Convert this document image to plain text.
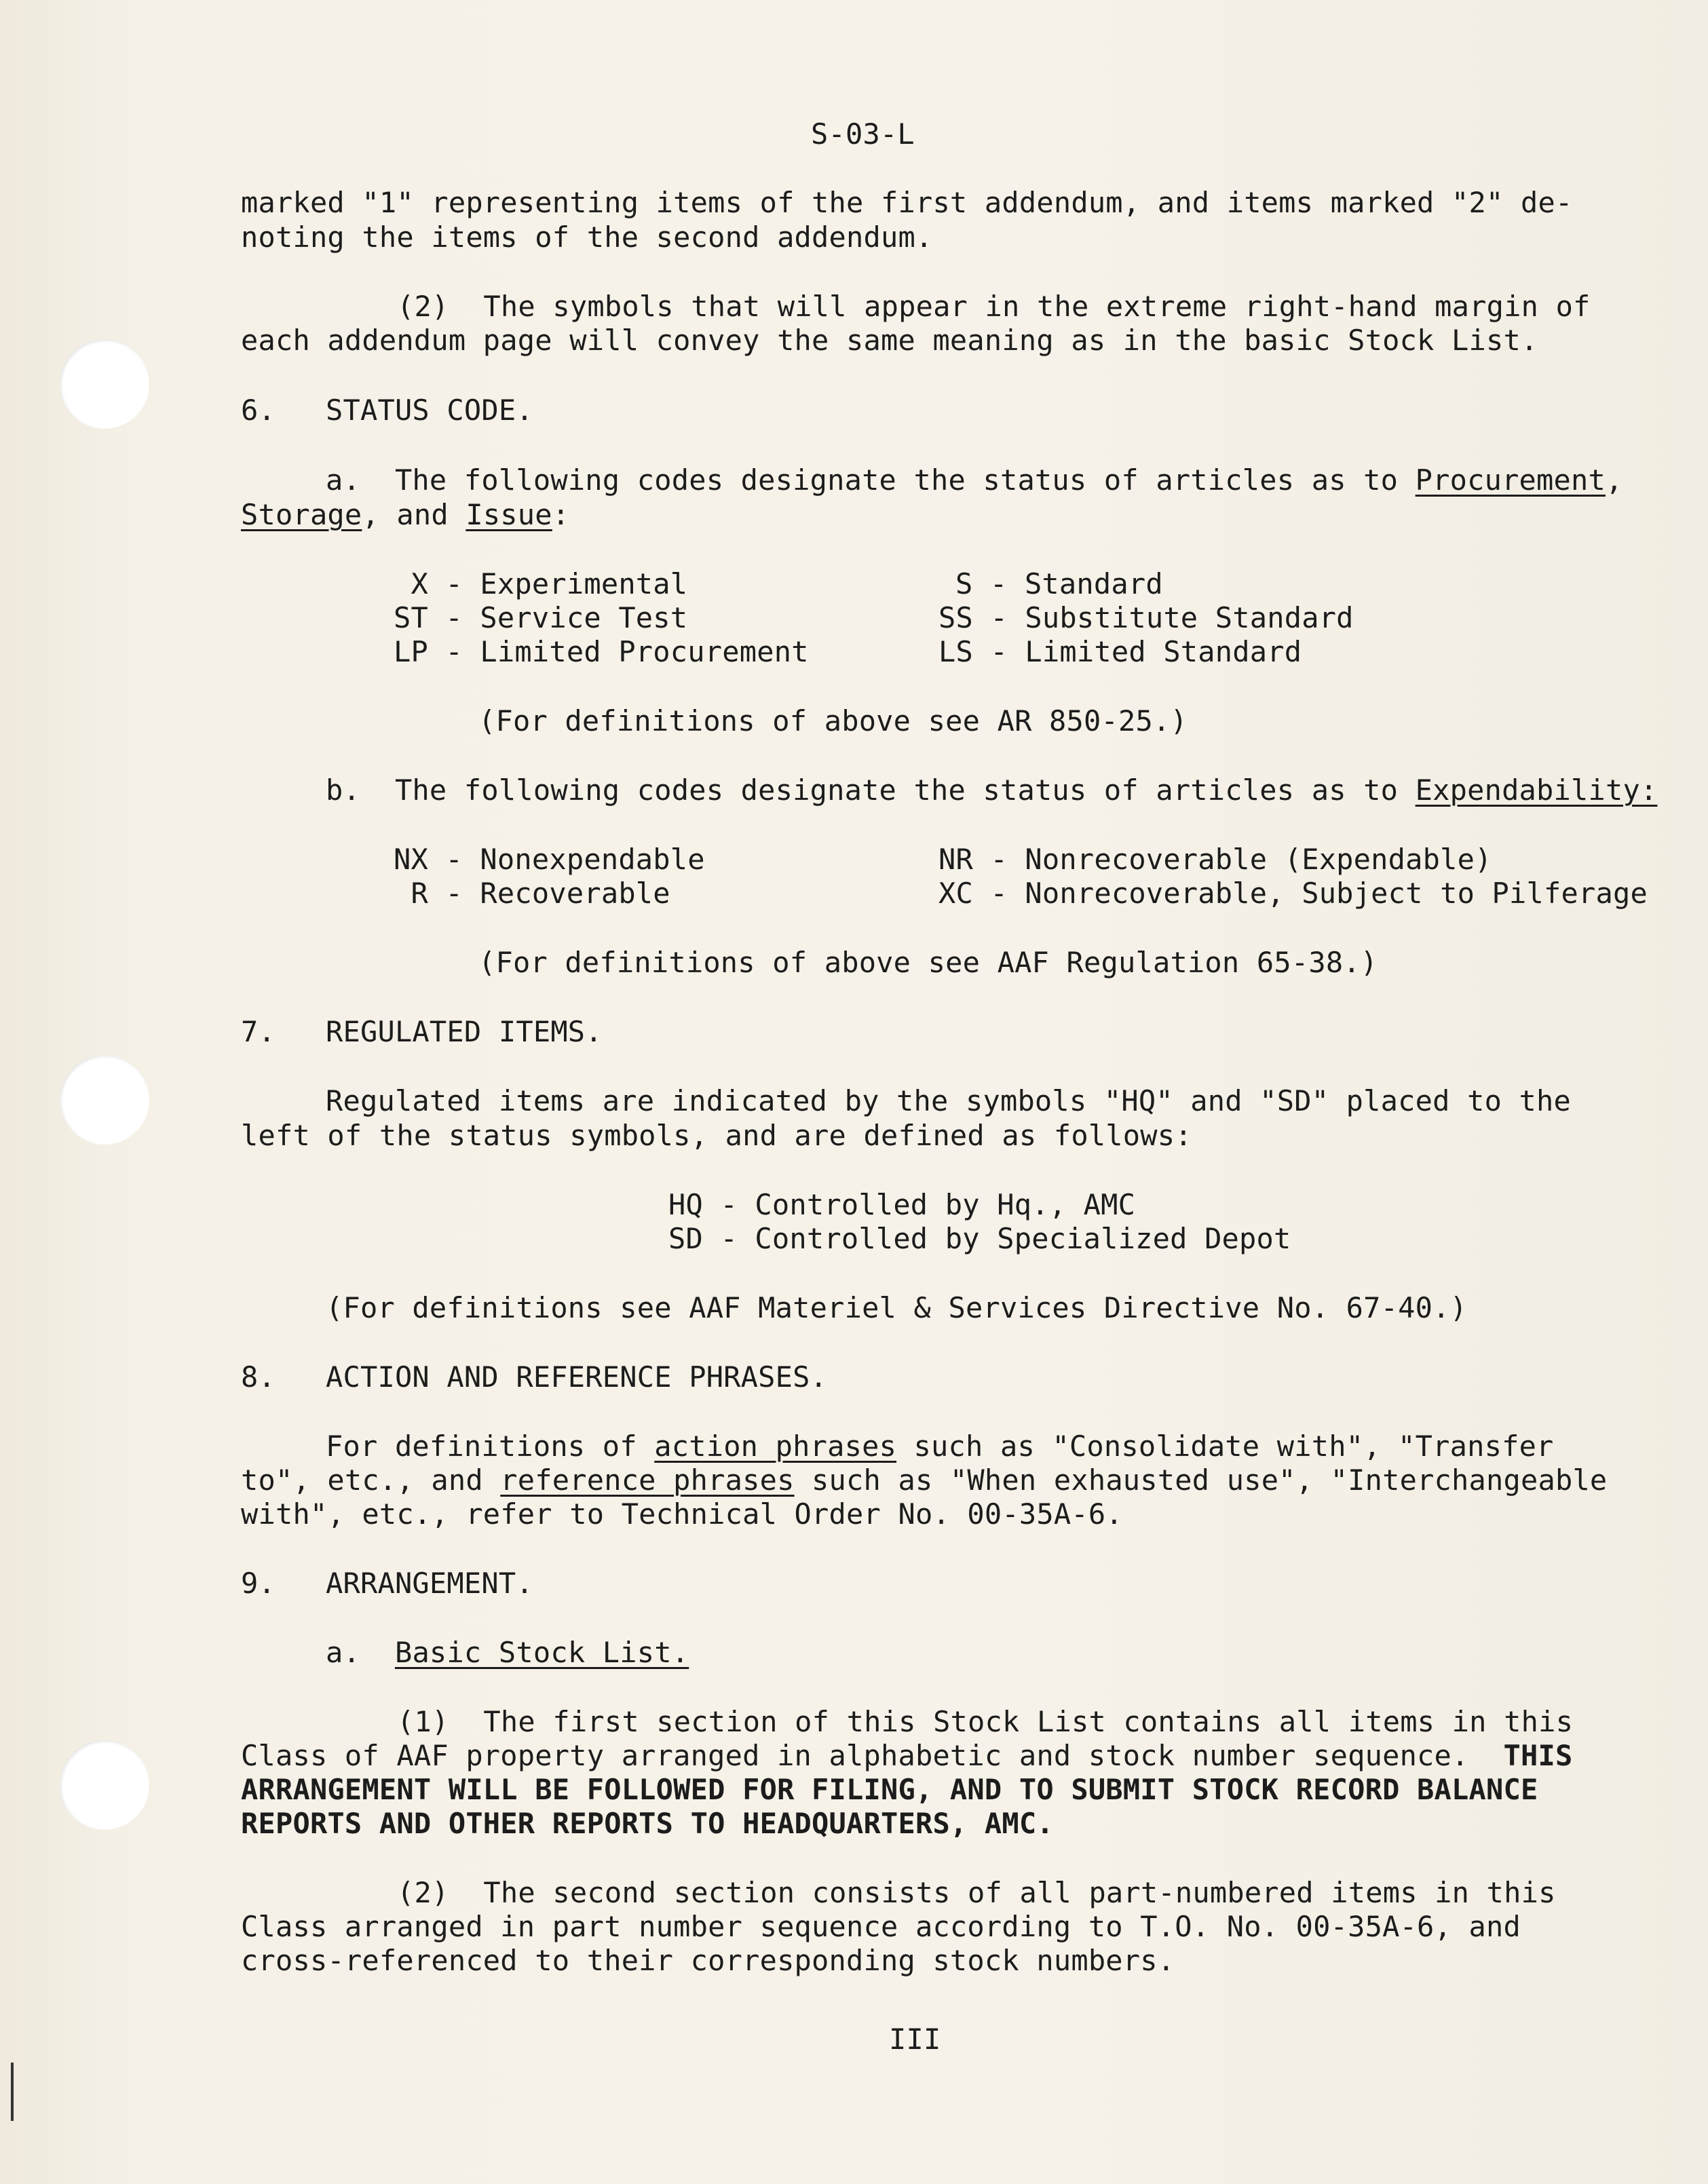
S-03-L
marked "1" representing items of the first addendum, and items marked "2" de-
noting the items of the second addendum.
(2)  The symbols that will appear in the extreme right-hand margin of
each addendum page will convey the same meaning as in the basic Stock List.
6. STATUS CODE.
a.  The following codes designate the status of articles as to Procurement,
Storage, and Issue:
X - Experimental	S - Standard
ST - Service Test	SS - Substitute Standard
LP - Limited Procurement	LS - Limited Standard
(For definitions of above see AR 850-25.)
b.  The following codes designate the status of articles as to Expendability:
NX - Nonexpendable	NR - Nonrecoverable (Expendable)
R - Recoverable	XC - Nonrecoverable, Subject to Pilferage
(For definitions of above see AAF Regulation 65-38.)
7. REGULATED ITEMS.
Regulated items are indicated by the symbols "HQ" and "SD" placed to the
left of the status symbols, and are defined as follows:
HQ - Controlled by Hq., AMC
SD - Controlled by Specialized Depot
(For definitions see AAF Materiel & Services Directive No. 67-40.)
8. ACTION AND REFERENCE PHRASES.
For definitions of action phrases such as "Consolidate with", "Transfer
to", etc., and reference phrases such as "When exhausted use", "Interchangeable
with", etc., refer to Technical Order No. 00-35A-6.
9. ARRANGEMENT.
a.  Basic Stock List.
(1)  The first section of this Stock List contains all items in this
Class of AAF property arranged in alphabetic and stock number sequence.  THIS
ARRANGEMENT WILL BE FOLLOWED FOR FILING, AND TO SUBMIT STOCK RECORD BALANCE
REPORTS AND OTHER REPORTS TO HEADQUARTERS, AMC.
(2)  The second section consists of all part-numbered items in this
Class arranged in part number sequence according to T.O. No. 00-35A-6, and
cross-referenced to their corresponding stock numbers.
III
